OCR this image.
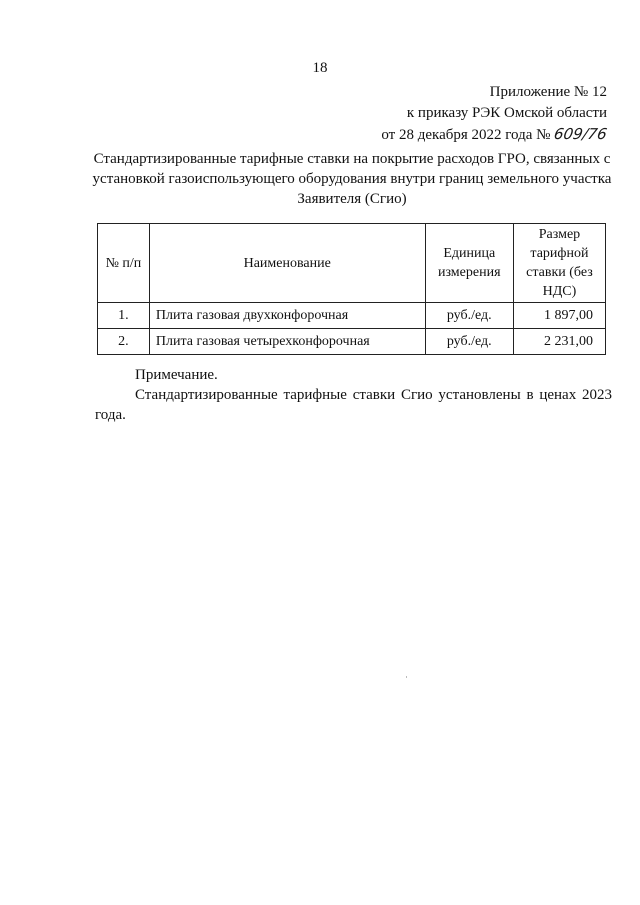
18
Приложение № 12
к приказу РЭК Омской области
от 28 декабря 2022 года № 609/76
Стандартизированные тарифные ставки на покрытие расходов ГРО, связанных с установкой газоиспользующего оборудования внутри границ земельного участка Заявителя (Сгио)
№ п/п	Наименование	Единица измерения	Размер тарифной ставки (без НДС)
1.	Плита газовая двухконфорочная	руб./ед.	1 897,00
2.	Плита газовая четырехконфорочная	руб./ед.	2 231,00
Примечание.
Стандартизированные тарифные ставки Сгио установлены в ценах 2023 года.
